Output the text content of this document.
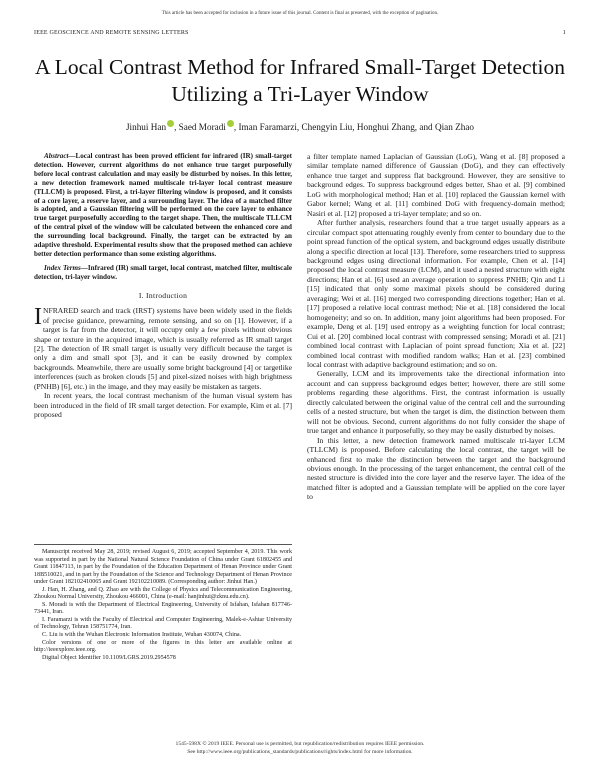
This article has been accepted for inclusion in a future issue of this journal. Content is final as presented, with the exception of pagination.
IEEE GEOSCIENCE AND REMOTE SENSING LETTERS	1
A Local Contrast Method for Infrared Small-Target Detection Utilizing a Tri-Layer Window
Jinhui Han , Saed Moradi , Iman Faramarzi, Chengyin Liu, Honghui Zhang, and Qian Zhao

Abstract—Local contrast has been proved efficient for infrared (IR) small-target detection. However, current algorithms do not enhance true target purposefully before local contrast calculation and may easily be disturbed by noises. In this letter, a new detection framework named multiscale tri-layer local contrast measure (TLLCM) is proposed. First, a tri-layer filtering window is proposed, and it consists of a core layer, a reserve layer, and a surrounding layer. The idea of a matched filter is adopted, and a Gaussian filtering will be performed on the core layer to enhance true target purposefully according to the target shape. Then, the multiscale TLLCM of the central pixel of the window will be calculated between the enhanced core and the surrounding local background. Finally, the target can be extracted by an adaptive threshold. Experimental results show that the proposed method can achieve better detection performance than some existing algorithms.

Index Terms—Infrared (IR) small target, local contrast, matched filter, multiscale detection, tri-layer window.

I. Introduction

INFRARED search and track (IRST) systems have been widely used in the fields of precise guidance, prewarning, remote sensing, and so on [1]. However, if a target is far from the detector, it will occupy only a few pixels without obvious shape or texture in the acquired image, which is usually referred as IR small target [2]. The detection of IR small target is usually very difficult because the target is only a dim and small spot [3], and it can be easily drowned by complex backgrounds. Meanwhile, there are usually some bright background [4] or targetlike interferences (such as broken clouds [5] and pixel-sized noises with high brightness (PNHB) [6], etc.) in the image, and they may easily be mistaken as targets.

In recent years, the local contrast mechanism of the human visual system has been introduced in the field of IR small target detection. For example, Kim et al. [7] proposed

Manuscript received May 28, 2019; revised August 6, 2019; accepted September 4, 2019. This work was supported in part by the National Natural Science Foundation of China under Grant 61802455 and Grant 11847113, in part by the Foundation of the Education Department of Henan Province under Grant 18B510021, and in part by the Foundation of the Science and Technology Department of Henan Province under Grant 182102410065 and Grant 192102210089. (Corresponding author: Jinhui Han.)

J. Han, H. Zhang, and Q. Zhao are with the College of Physics and Telecommunication Engineering, Zhoukou Normal University, Zhoukou 466001, China (e-mail: hanjinhui@zknu.edu.cn).

S. Moradi is with the Department of Electrical Engineering, University of Isfahan, Isfahan 817746-73441, Iran.

I. Faramarzi is with the Faculty of Electrical and Computer Engineering, Malek-e-Ashtar University of Technology, Tehran 158751774, Iran.

C. Liu is with the Wuhan Electronic Information Institute, Wuhan 430074, China.

Color versions of one or more of the figures in this letter are available online at http://ieeexplore.ieee.org.

Digital Object Identifier 10.1109/LGRS.2019.2954578

a filter template named Laplacian of Gaussian (LoG), Wang et al. [8] proposed a similar template named difference of Gaussian (DoG), and they can effectively enhance true target and suppress flat background. However, they are sensitive to background edges. To suppress background edges better, Shao et al. [9] combined LoG with morphological method; Han et al. [10] replaced the Gaussian kernel with Gabor kernel; Wang et al. [11] combined DoG with frequency-domain method; Nasiri et al. [12] proposed a tri-layer template; and so on.

After further analysis, researchers found that a true target usually appears as a circular compact spot attenuating roughly evenly from center to boundary due to the point spread function of the optical system, and background edges usually distribute along a specific direction at local [13]. Therefore, some researchers tried to suppress background edges using directional information. For example, Chen et al. [14] proposed the local contrast measure (LCM), and it used a nested structure with eight directions; Han et al. [6] used an average operation to suppress PNHB; Qin and Li [15] indicated that only some maximal pixels should be considered during averaging; Wei et al. [16] merged two corresponding directions together; Han et al. [17] proposed a relative local contrast method; Nie et al. [18] considered the local homogeneity; and so on. In addition, many joint algorithms had been proposed. For example, Deng et al. [19] used entropy as a weighting function for local contrast; Cui et al. [20] combined local contrast with compressed sensing; Moradi et al. [21] combined local contrast with Laplacian of point spread function; Xia et al. [22] combined local contrast with modified random walks; Han et al. [23] combined local contrast with adaptive background estimation; and so on.

Generally, LCM and its improvements take the directional information into account and can suppress background edges better; however, there are still some problems regarding these algorithms. First, the contrast information is usually directly calculated between the original value of the central cell and the surrounding cells of a nested structure, but when the target is dim, the distinction between them will not be obvious. Second, current algorithms do not fully consider the shape of true target and enhance it purposefully, so they may be easily disturbed by noises.

In this letter, a new detection framework named multiscale tri-layer LCM (TLLCM) is proposed. Before calculating the local contrast, the target will be enhanced first to make the distinction between the target and the background obvious enough. In the processing of the target enhancement, the central cell of the nested structure is divided into the core layer and the reserve layer. The idea of the matched filter is adopted and a Gaussian template will be applied on the core layer to

1545-598X © 2019 IEEE. Personal use is permitted, but republication/redistribution requires IEEE permission.
See http://www.ieee.org/publications_standards/publications/rights/index.html for more information.
